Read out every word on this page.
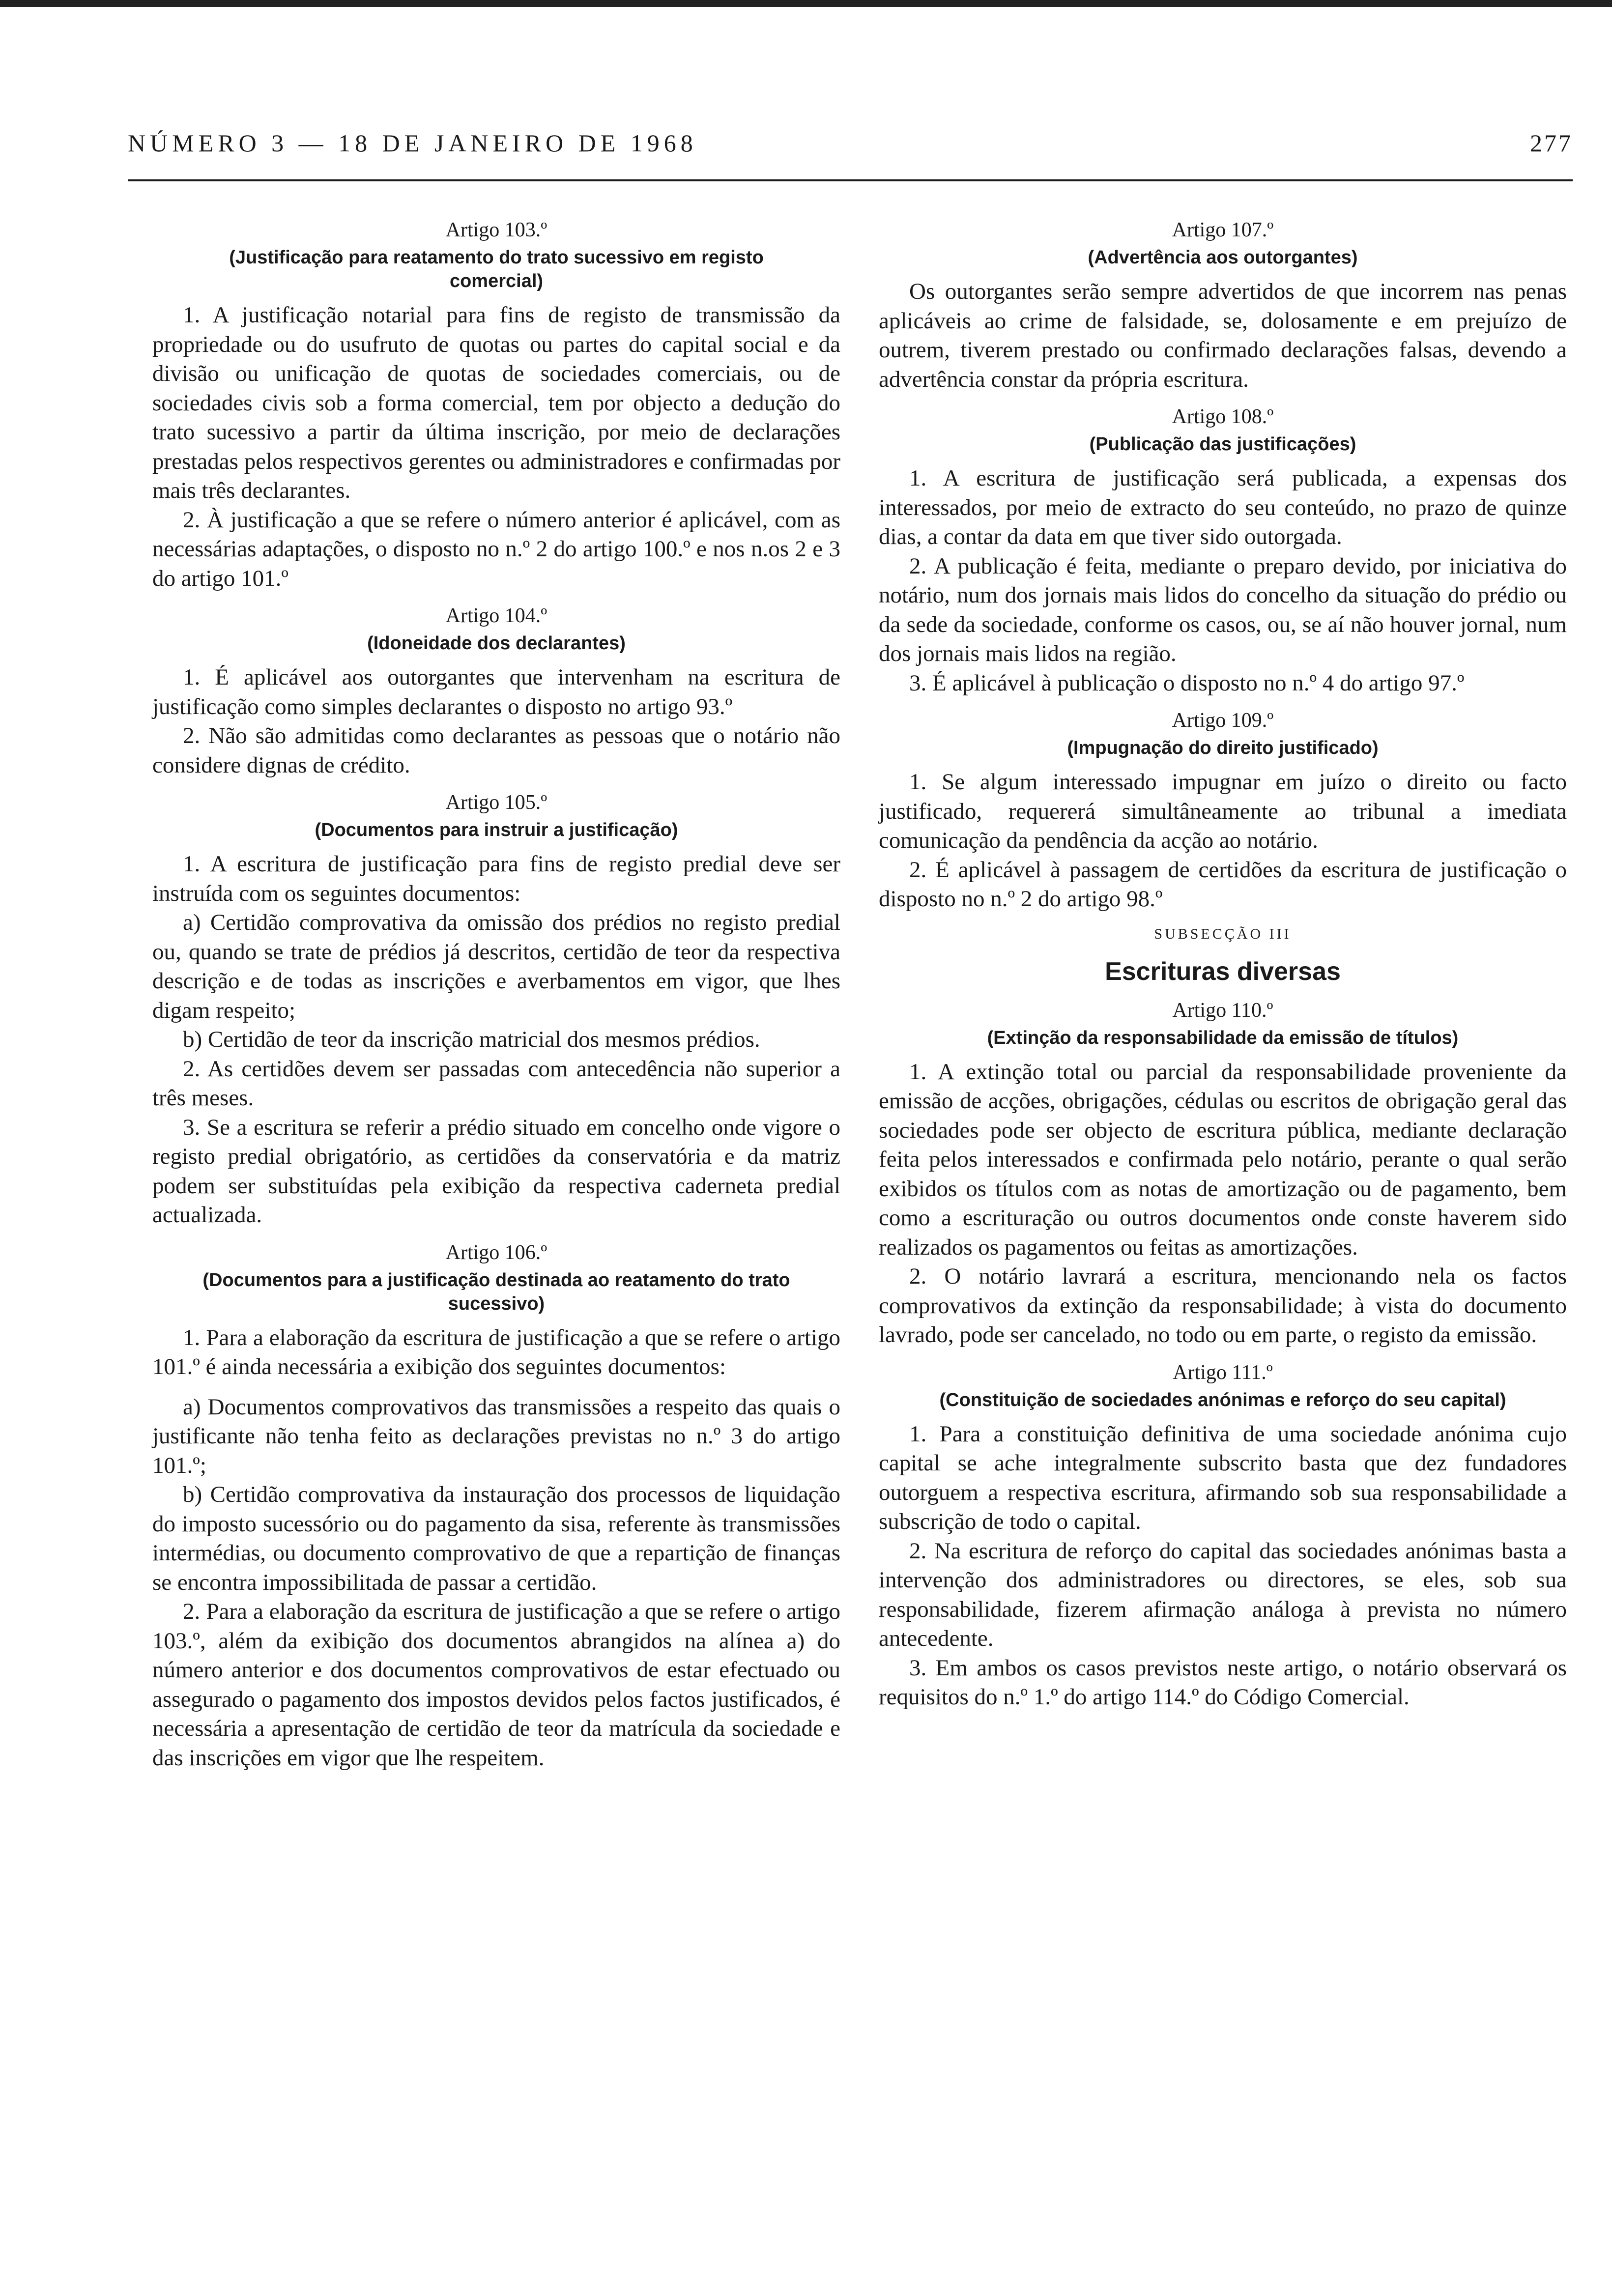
NÚMERO 3 — 18 DE JANEIRO DE 1968	277

Artigo 103.º

(Justificação para reatamento do trato sucessivo em registo comercial)

1. A justificação notarial para fins de registo de transmissão da propriedade ou do usufruto de quotas ou partes do capital social e da divisão ou unificação de quotas de sociedades comerciais, ou de sociedades civis sob a forma comercial, tem por objecto a dedução do trato sucessivo a partir da última inscrição, por meio de declarações prestadas pelos respectivos gerentes ou administradores e confirmadas por mais três declarantes.

2. À justificação a que se refere o número anterior é aplicável, com as necessárias adaptações, o disposto no n.º 2 do artigo 100.º e nos n.os 2 e 3 do artigo 101.º

Artigo 104.º

(Idoneidade dos declarantes)

1. É aplicável aos outorgantes que intervenham na escritura de justificação como simples declarantes o disposto no artigo 93.º

2. Não são admitidas como declarantes as pessoas que o notário não considere dignas de crédito.

Artigo 105.º

(Documentos para instruir a justificação)

1. A escritura de justificação para fins de registo predial deve ser instruída com os seguintes documentos:

a) Certidão comprovativa da omissão dos prédios no registo predial ou, quando se trate de prédios já descritos, certidão de teor da respectiva descrição e de todas as inscrições e averbamentos em vigor, que lhes digam respeito;

b) Certidão de teor da inscrição matricial dos mesmos prédios.

2. As certidões devem ser passadas com antecedência não superior a três meses.

3. Se a escritura se referir a prédio situado em concelho onde vigore o registo predial obrigatório, as certidões da conservatória e da matriz podem ser substituídas pela exibição da respectiva caderneta predial actualizada.

Artigo 106.º

(Documentos para a justificação destinada ao reatamento do trato sucessivo)

1. Para a elaboração da escritura de justificação a que se refere o artigo 101.º é ainda necessária a exibição dos seguintes documentos:

a) Documentos comprovativos das transmissões a respeito das quais o justificante não tenha feito as declarações previstas no n.º 3 do artigo 101.º;

b) Certidão comprovativa da instauração dos processos de liquidação do imposto sucessório ou do pagamento da sisa, referente às transmissões intermédias, ou documento comprovativo de que a repartição de finanças se encontra impossibilitada de passar a certidão.

2. Para a elaboração da escritura de justificação a que se refere o artigo 103.º, além da exibição dos documentos abrangidos na alínea a) do número anterior e dos documentos comprovativos de estar efectuado ou assegurado o pagamento dos impostos devidos pelos factos justificados, é necessária a apresentação de certidão de teor da matrícula da sociedade e das inscrições em vigor que lhe respeitem.

Artigo 107.º

(Advertência aos outorgantes)

Os outorgantes serão sempre advertidos de que incorrem nas penas aplicáveis ao crime de falsidade, se, dolosamente e em prejuízo de outrem, tiverem prestado ou confirmado declarações falsas, devendo a advertência constar da própria escritura.

Artigo 108.º

(Publicação das justificações)

1. A escritura de justificação será publicada, a expensas dos interessados, por meio de extracto do seu conteúdo, no prazo de quinze dias, a contar da data em que tiver sido outorgada.

2. A publicação é feita, mediante o preparo devido, por iniciativa do notário, num dos jornais mais lidos do concelho da situação do prédio ou da sede da sociedade, conforme os casos, ou, se aí não houver jornal, num dos jornais mais lidos na região.

3. É aplicável à publicação o disposto no n.º 4 do artigo 97.º

Artigo 109.º

(Impugnação do direito justificado)

1. Se algum interessado impugnar em juízo o direito ou facto justificado, requererá simultâneamente ao tribunal a imediata comunicação da pendência da acção ao notário.

2. É aplicável à passagem de certidões da escritura de justificação o disposto no n.º 2 do artigo 98.º

SUBSECÇÃO III

Escrituras diversas

Artigo 110.º

(Extinção da responsabilidade da emissão de títulos)

1. A extinção total ou parcial da responsabilidade proveniente da emissão de acções, obrigações, cédulas ou escritos de obrigação geral das sociedades pode ser objecto de escritura pública, mediante declaração feita pelos interessados e confirmada pelo notário, perante o qual serão exibidos os títulos com as notas de amortização ou de pagamento, bem como a escrituração ou outros documentos onde conste haverem sido realizados os pagamentos ou feitas as amortizações.

2. O notário lavrará a escritura, mencionando nela os factos comprovativos da extinção da responsabilidade; à vista do documento lavrado, pode ser cancelado, no todo ou em parte, o registo da emissão.

Artigo 111.º

(Constituição de sociedades anónimas e reforço do seu capital)

1. Para a constituição definitiva de uma sociedade anónima cujo capital se ache integralmente subscrito basta que dez fundadores outorguem a respectiva escritura, afirmando sob sua responsabilidade a subscrição de todo o capital.

2. Na escritura de reforço do capital das sociedades anónimas basta a intervenção dos administradores ou directores, se eles, sob sua responsabilidade, fizerem afirmação análoga à prevista no número antecedente.

3. Em ambos os casos previstos neste artigo, o notário observará os requisitos do n.º 1.º do artigo 114.º do Código Comercial.
